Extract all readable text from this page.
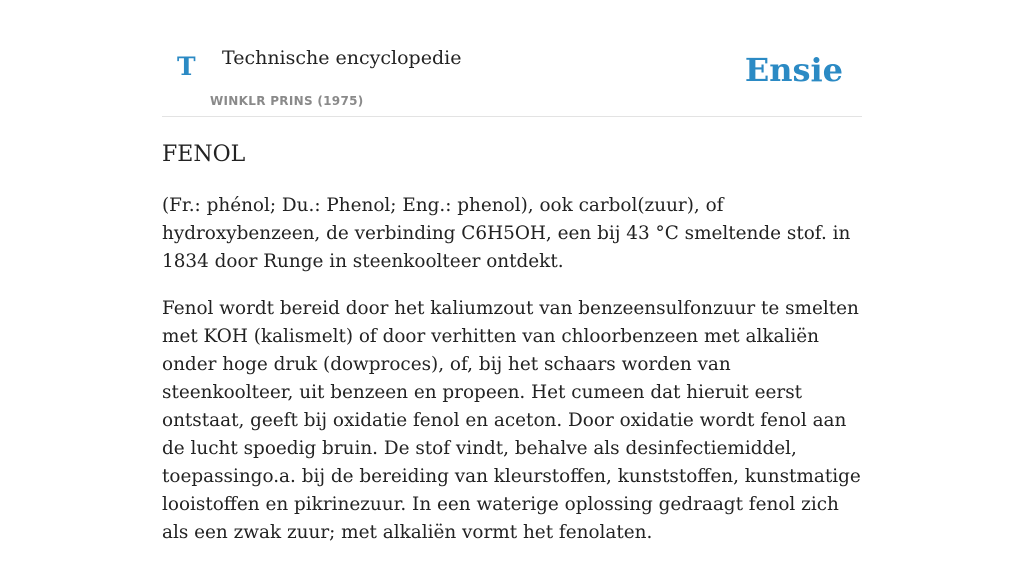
T Technische encyclopedie
WINKLR PRINS (1975)
Ensie
FENOL

(Fr.: phénol; Du.: Phenol; Eng.: phenol), ook carbol(zuur), of hydroxybenzeen, de verbinding C6H5OH, een bij 43 °C smeltende stof. in 1834 door Runge in steenkoolteer ontdekt.

Fenol wordt bereid door het kaliumzout van benzeensulfonzuur te smelten met KOH (kalismelt) of door verhitten van chloorbenzeen met alkaliën onder hoge druk (dowproces), of, bij het schaars worden van steenkoolteer, uit benzeen en propeen. Het cumeen dat hieruit eerst ontstaat, geeft bij oxidatie fenol en aceton. Door oxidatie wordt fenol aan de lucht spoedig bruin. De stof vindt, behalve als desinfectiemiddel, toepassingo.a. bij de bereiding van kleurstoffen, kunststoffen, kunstmatige looistoffen en pikrinezuur. In een waterige oplossing gedraagt fenol zich als een zwak zuur; met alkaliën vormt het fenolaten.
